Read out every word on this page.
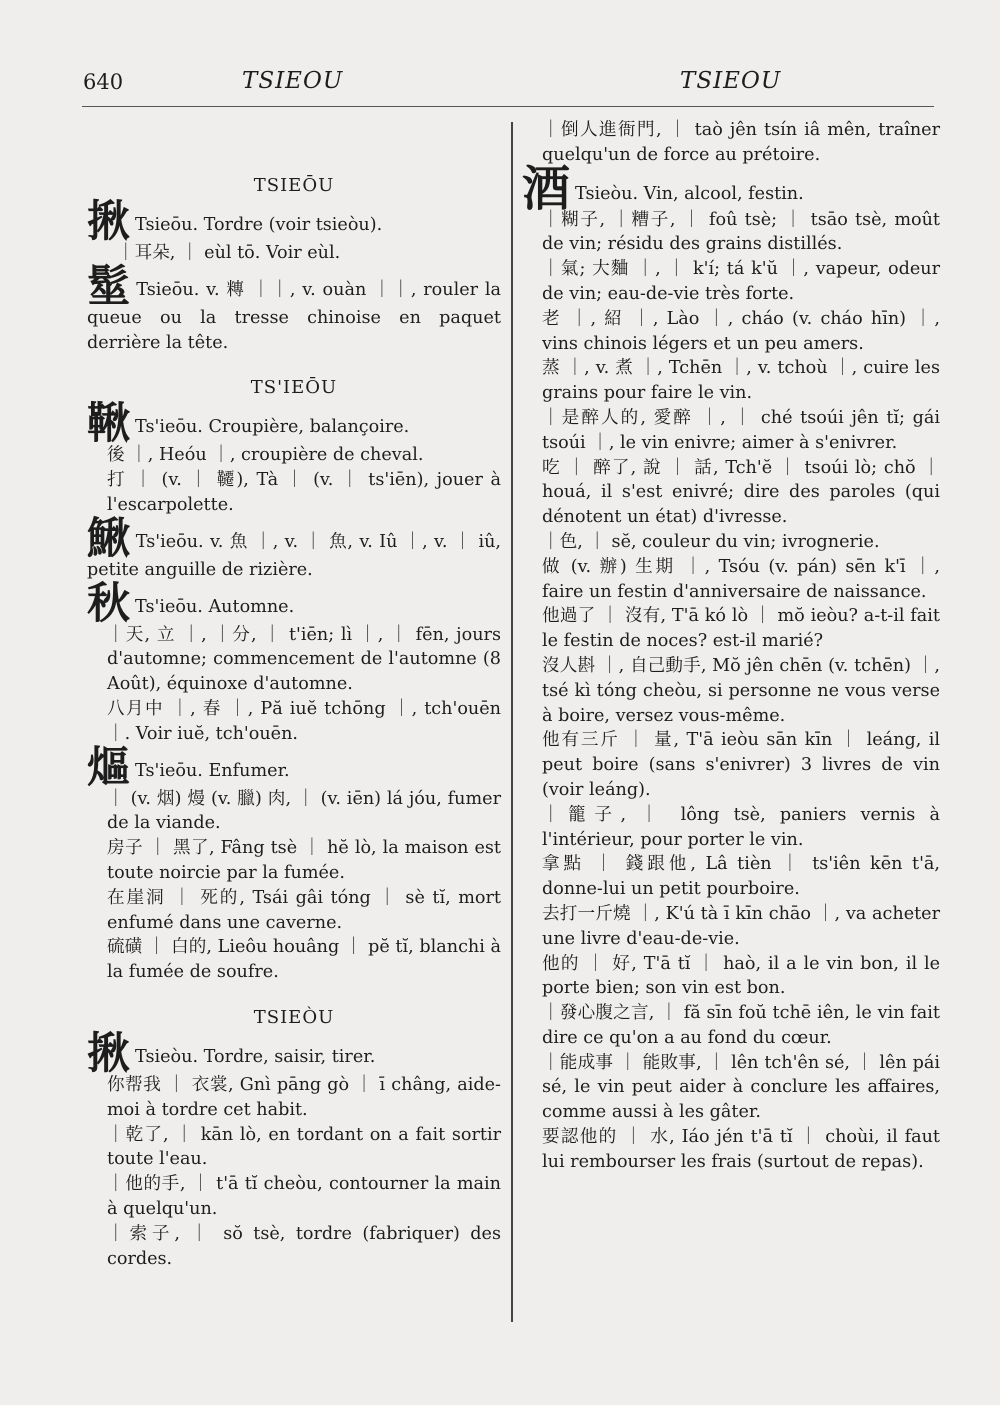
640	TSIEOU	TSIEOU
TSIEŌU

揪 Tsieōu. Tordre (voir tsieòu).

｜耳朵, ｜ eùl tō. Voir eùl.

髽 Tsieōu. v. 䊜 ｜｜, v. ouàn ｜｜, rouler la queue ou la tresse chinoise en paquet derrière la tête.

TS'IEŌU

鞦 Ts'ieōu. Croupière, balançoire.

後 ｜, Heóu ｜, croupière de cheval.

打 ｜ (v. ｜ 韆), Tà ｜ (v. ｜ ts'iēn), jouer à l'escarpolette.

鰍 Ts'ieōu. v. 魚 ｜, v. ｜ 魚, v. Iû ｜, v. ｜ iû, petite anguille de rizière.

秋 Ts'ieōu. Automne.

｜天, 立 ｜, ｜分, ｜ t'iēn; lì ｜, ｜ fēn, jours d'automne; commencement de l'automne (8 Août), équinoxe d'automne.

八月中 ｜, 春 ｜, Pă iuĕ tchōng ｜, tch'ouēn ｜. Voir iuĕ, tch'ouēn.

熰 Ts'ieōu. Enfumer.

｜ (v. 烟) 熳 (v. 臘) 肉, ｜ (v. iēn) lá jóu, fumer de la viande.

房子 ｜ 黑了, Fâng tsè ｜ hĕ lò, la maison est toute noircie par la fumée.

在崖洞 ｜ 死的, Tsái gâi tóng ｜ sè tĭ, mort enfumé dans une caverne.

硫磺 ｜ 白的, Lieôu houâng ｜ pĕ tĭ, blanchi à la fumée de soufre.

TSIEÒU

揪 Tsieòu. Tordre, saisir, tirer.

你帮我 ｜ 衣裳, Gnì pāng gò ｜ ī châng, aide-moi à tordre cet habit.

｜乾了, ｜ kān lò, en tordant on a fait sortir toute l'eau.

｜他的手, ｜ t'ā tĭ cheòu, contourner la main à quelqu'un.

｜索子, ｜ sŏ tsè, tordre (fabriquer) des cordes.

｜倒人進衙門, ｜ taò jên tsín iâ mên, traîner quelqu'un de force au prétoire.

酒 Tsieòu. Vin, alcool, festin.

｜糊子, ｜糟子, ｜ foû tsè; ｜ tsāo tsè, moût de vin; résidu des grains distillés.

｜氣; 大麯 ｜, ｜ k'í; tá k'ŭ ｜, vapeur, odeur de vin; eau-de-vie très forte.

老 ｜, 紹 ｜, Lào ｜, cháo (v. cháo hīn) ｜, vins chinois légers et un peu amers.

蒸 ｜, v. 煮 ｜, Tchēn ｜, v. tchoù ｜, cuire les grains pour faire le vin.

｜是醉人的, 愛醉 ｜, ｜ ché tsoúi jên tĭ; gái tsoúi ｜, le vin enivre; aimer à s'enivrer.

吃 ｜ 醉了, 說 ｜ 話, Tch'ĕ ｜ tsoúi lò; chŏ ｜ houá, il s'est enivré; dire des paroles (qui dénotent un état) d'ivresse.

｜色, ｜ sĕ, couleur du vin; ivrognerie.

做 (v. 辦) 生期 ｜, Tsóu (v. pán) sēn k'ī ｜, faire un festin d'anniversaire de naissance.

他過了 ｜ 沒有, T'ā kó lò ｜ mŏ ieòu? a-t-il fait le festin de noces? est-il marié?

沒人斟 ｜, 自己動手, Mŏ jên chēn (v. tchēn) ｜, tsé kì tóng cheòu, si personne ne vous verse à boire, versez vous-même.

他有三斤 ｜ 量, T'ā ieòu sān kīn ｜ leáng, il peut boire (sans s'enivrer) 3 livres de vin (voir leáng).

｜籠子, ｜ lông tsè, paniers vernis à l'intérieur, pour porter le vin.

拿點 ｜ 錢跟他, Lâ tièn ｜ ts'iên kēn t'ā, donne-lui un petit pourboire.

去打一斤燒 ｜, K'ú tà ī kīn chāo ｜, va acheter une livre d'eau-de-vie.

他的 ｜ 好, T'ā tĭ ｜ haò, il a le vin bon, il le porte bien; son vin est bon.

｜發心腹之言, ｜ fă sīn foŭ tchē iên, le vin fait dire ce qu'on a au fond du cœur.

｜能成事 ｜ 能敗事, ｜ lên tch'ên sé, ｜ lên pái sé, le vin peut aider à conclure les affaires, comme aussi à les gâter.

要認他的 ｜ 水, Iáo jén t'ā tĭ ｜ choùi, il faut lui rembourser les frais (surtout de repas).
